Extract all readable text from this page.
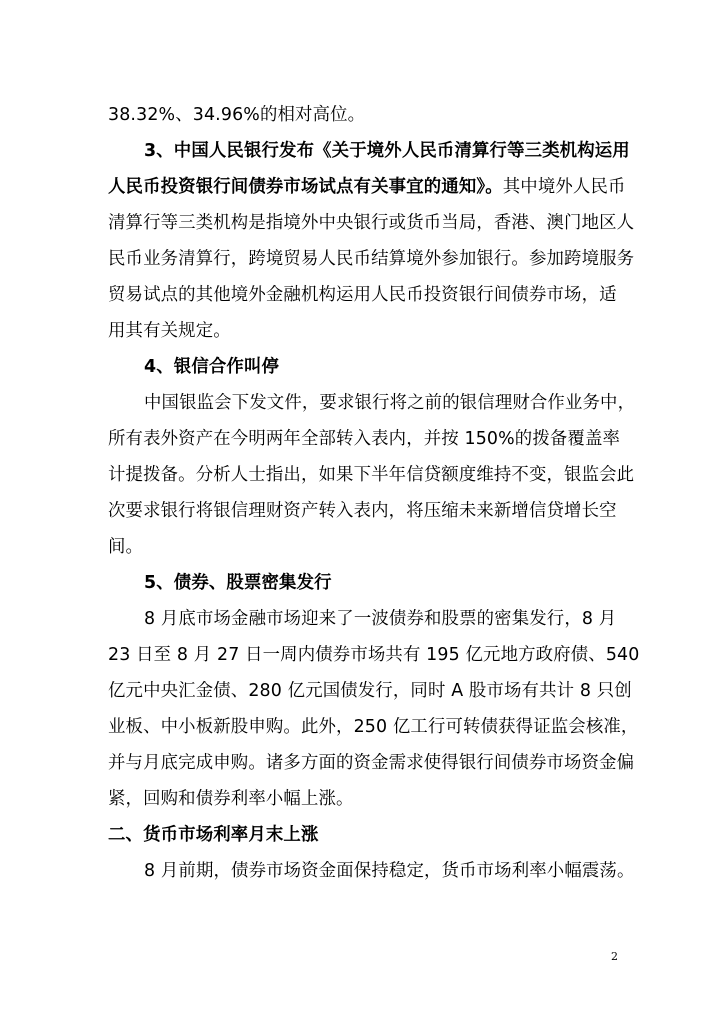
38.32%、34.96%的相对高位。
3、中国人民银行发布《关于境外人民币清算行等三类机构运用
人民币投资银行间债券市场试点有关事宜的通知》。其中境外人民币
清算行等三类机构是指境外中央银行或货币当局，香港、澳门地区人
民币业务清算行，跨境贸易人民币结算境外参加银行。参加跨境服务
贸易试点的其他境外金融机构运用人民币投资银行间债券市场，适
用其有关规定。
4、银信合作叫停
中国银监会下发文件，要求银行将之前的银信理财合作业务中，
所有表外资产在今明两年全部转入表内，并按 150%的拨备覆盖率
计提拨备。分析人士指出，如果下半年信贷额度维持不变，银监会此
次要求银行将银信理财资产转入表内，将压缩未来新增信贷增长空
间。
5、债券、股票密集发行
8 月底市场金融市场迎来了一波债券和股票的密集发行，8 月
23 日至 8 月 27 日一周内债券市场共有 195 亿元地方政府债、540
亿元中央汇金债、280 亿元国债发行，同时 A 股市场有共计 8 只创
业板、中小板新股申购。此外，250 亿工行可转债获得证监会核准，
并与月底完成申购。诸多方面的资金需求使得银行间债券市场资金偏
紧，回购和债券利率小幅上涨。
二、货币市场利率月末上涨
8 月前期，债券市场资金面保持稳定，货币市场利率小幅震荡。
2
